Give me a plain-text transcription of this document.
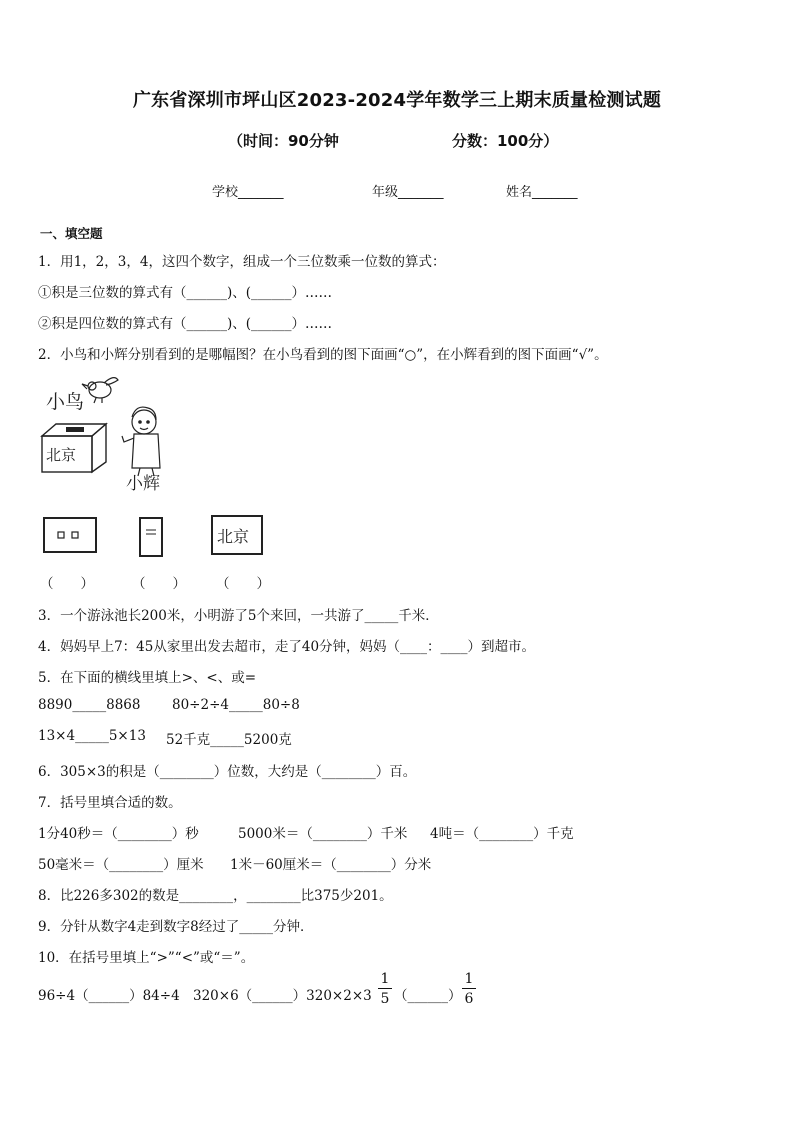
广东省深圳市坪山区2023-2024学年数学三上期末质量检测试题
（时间：90分钟	分数：100分）
学校_______	年级_______	姓名_______
一、填空题
1．用1，2，3，4，这四个数字，组成一个三位数乘一位数的算式：
①积是三位数的算式有（______)、(______）……
②积是四位数的算式有（______)、(______）……
2．小鸟和小辉分别看到的是哪幅图？在小鸟看到的图下面画“○”，在小辉看到的图下面画“√”。
小鸟
北京
小辉
北京
（　　）	（　　） （　　）
3．一个游泳池长200米，小明游了5个来回，一共游了_____千米．
4．妈妈早上7：45从家里出发去超市，走了40分钟，妈妈（____：____）到超市。
5．在下面的横线里填上>、<、或=
8890_____8868 80÷2÷4_____80÷8
13×4_____5×13 52千克_____5200克
6．305×3的积是（________）位数，大约是（________）百。
7．括号里填合适的数。
1分40秒＝（________）秒	5000米＝（________）千米 4吨＝（________）千克
50毫米＝（________）厘米 1米－60厘米＝（________）分米
8．比226多302的数是________，________比375少201。
9．分针从数字4走到数字8经过了_____分钟．
10．在括号里填上“>”“<”或“＝”。
96÷4（______）84÷4 320×6（______）320×2×3 $\frac{1}{5}$ （______） $\frac{1}{6}$
